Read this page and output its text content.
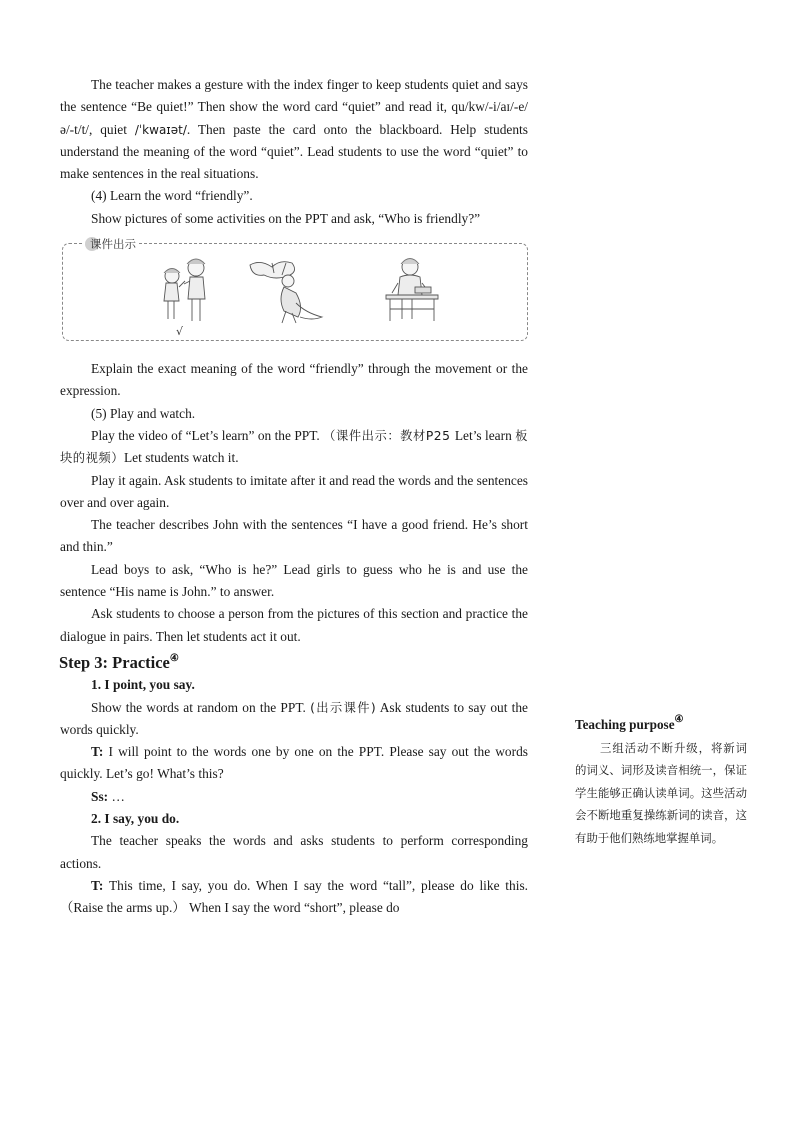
The teacher makes a gesture with the index finger to keep students quiet and says the sentence “Be quiet!” Then show the word card “quiet” and read it, qu/kw/-i/aɪ/-e/ə/-t/t/, quiet /ˈkwaɪət/. Then paste the card onto the blackboard. Help students understand the meaning of the word “quiet”. Lead students to use the word “quiet” to make sentences in the real situations.

(4) Learn the word “friendly”.

Show pictures of some activities on the PPT and ask, “Who is friendly?”

课件出示
√

Explain the exact meaning of the word “friendly” through the movement or the expression.

(5) Play and watch.

Play the video of “Let’s learn” on the PPT. （课件出示：教材P25 Let’s learn 板块的视频）Let students watch it.

Play it again. Ask students to imitate after it and read the words and the sentences over and over again.

The teacher describes John with the sentences “I have a good friend. He’s short and thin.”

Lead boys to ask, “Who is he?” Lead girls to guess who he is and use the sentence “His name is John.” to answer.

Ask students to choose a person from the pictures of this section and practice the dialogue in pairs. Then let students act it out.

Step 3: Practice④

1. I point, you say.

Show the words at random on the PPT. (出示课件) Ask students to say out the words quickly.

T: I will point to the words one by one on the PPT. Please say out the words quickly. Let’s go! What’s this?

Ss: …

2. I say, you do.

The teacher speaks the words and asks students to perform corresponding actions.

T: This time, I say, you do. When I say the word “tall”, please do like this. （Raise the arms up.） When I say the word “short”, please do

Teaching purpose④

三组活动不断升级，将新词的词义、词形及读音相统一，保证学生能够正确认读单词。这些活动会不断地重复操练新词的读音，这有助于他们熟练地掌握单词。
